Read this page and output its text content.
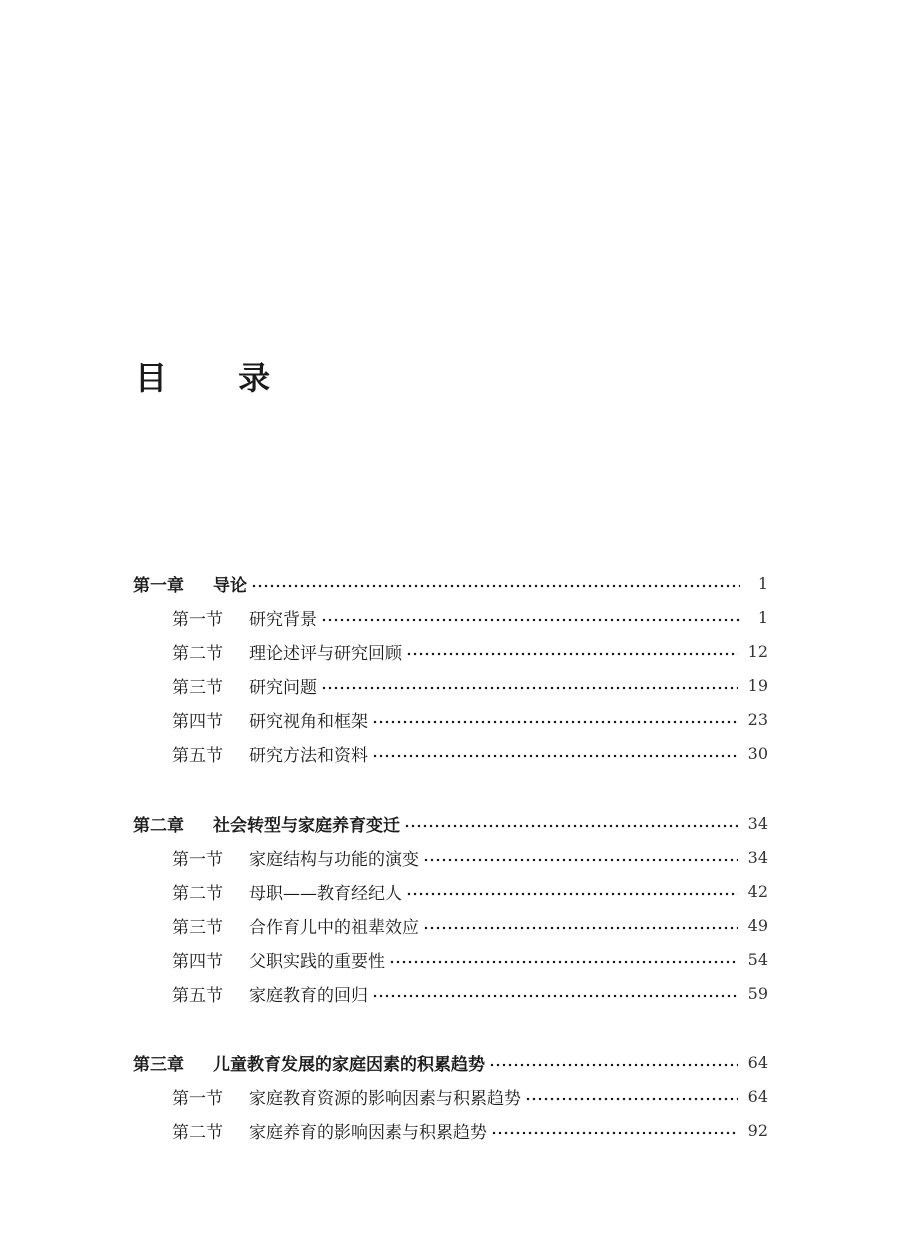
目 录
第一章	导论	1
第一节	研究背景	1
第二节	理论述评与研究回顾	12
第三节	研究问题	19
第四节	研究视角和框架	23
第五节	研究方法和资料	30
第二章	社会转型与家庭养育变迁	34
第一节	家庭结构与功能的演变	34
第二节	母职——教育经纪人	42
第三节	合作育儿中的祖辈效应	49
第四节	父职实践的重要性	54
第五节	家庭教育的回归	59
第三章	儿童教育发展的家庭因素的积累趋势	64
第一节	家庭教育资源的影响因素与积累趋势	64
第二节	家庭养育的影响因素与积累趋势	92
